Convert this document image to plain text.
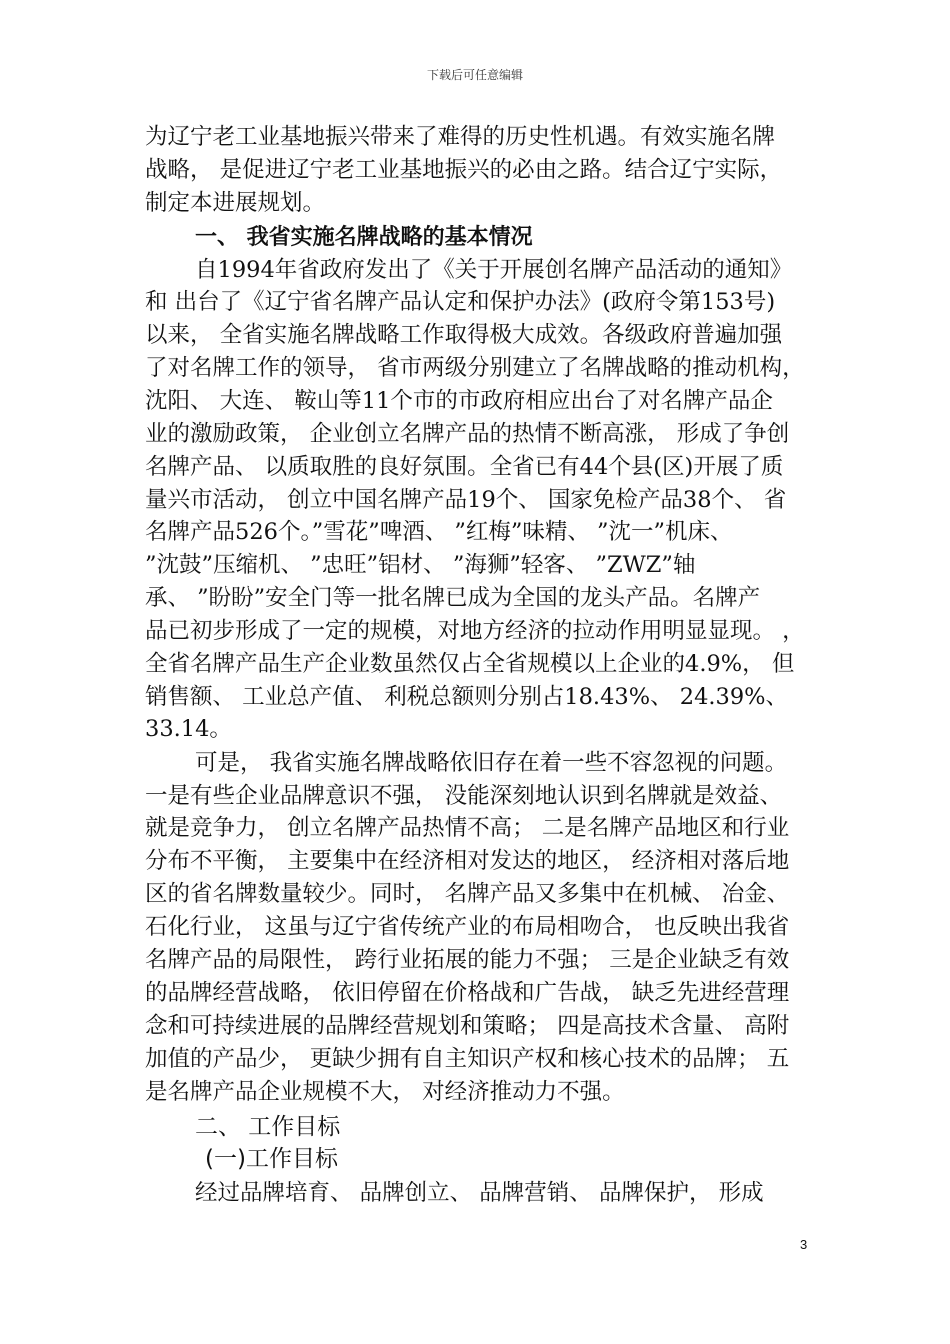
下载后可任意编辑
为辽宁老工业基地振兴带来了难得的历史性机遇。有效实施名牌
战略， 是促进辽宁老工业基地振兴的必由之路。结合辽宁实际，
制定本进展规划。
一、 我省实施名牌战略的基本情况
自1994年省政府发出了《关于开展创名牌产品活动的通知》
和 出台了《辽宁省名牌产品认定和保护办法》(政府令第153号)
以来， 全省实施名牌战略工作取得极大成效。各级政府普遍加强
了对名牌工作的领导， 省市两级分别建立了名牌战略的推动机构，
沈阳、 大连、 鞍山等11个市的市政府相应出台了对名牌产品企
业的激励政策， 企业创立名牌产品的热情不断高涨， 形成了争创
名牌产品、 以质取胜的良好氛围。全省已有44个县(区)开展了质
量兴市活动， 创立中国名牌产品19个、 国家免检产品38个、 省
名牌产品526个。”雪花”啤酒、 ”红梅”味精、 ”沈一”机床、
”沈鼓”压缩机、 ”忠旺”铝材、 ”海狮”轻客、 ”ZWZ”轴
承、 ”盼盼”安全门等一批名牌已成为全国的龙头产品。名牌产
品已初步形成了一定的规模，对地方经济的拉动作用明显显现。 ，
全省名牌产品生产企业数虽然仅占全省规模以上企业的4.9%， 但
销售额、 工业总产值、 利税总额则分别占18.43%、 24.39%、
33.14。
可是， 我省实施名牌战略依旧存在着一些不容忽视的问题。
一是有些企业品牌意识不强， 没能深刻地认识到名牌就是效益、
就是竞争力， 创立名牌产品热情不高； 二是名牌产品地区和行业
分布不平衡， 主要集中在经济相对发达的地区， 经济相对落后地
区的省名牌数量较少。同时， 名牌产品又多集中在机械、 冶金、
石化行业， 这虽与辽宁省传统产业的布局相吻合， 也反映出我省
名牌产品的局限性， 跨行业拓展的能力不强； 三是企业缺乏有效
的品牌经营战略， 依旧停留在价格战和广告战， 缺乏先进经营理
念和可持续进展的品牌经营规划和策略； 四是高技术含量、 高附
加值的产品少， 更缺少拥有自主知识产权和核心技术的品牌； 五
是名牌产品企业规模不大， 对经济推动力不强。
二、 工作目标
(一)工作目标
经过品牌培育、 品牌创立、 品牌营销、 品牌保护， 形成
3
